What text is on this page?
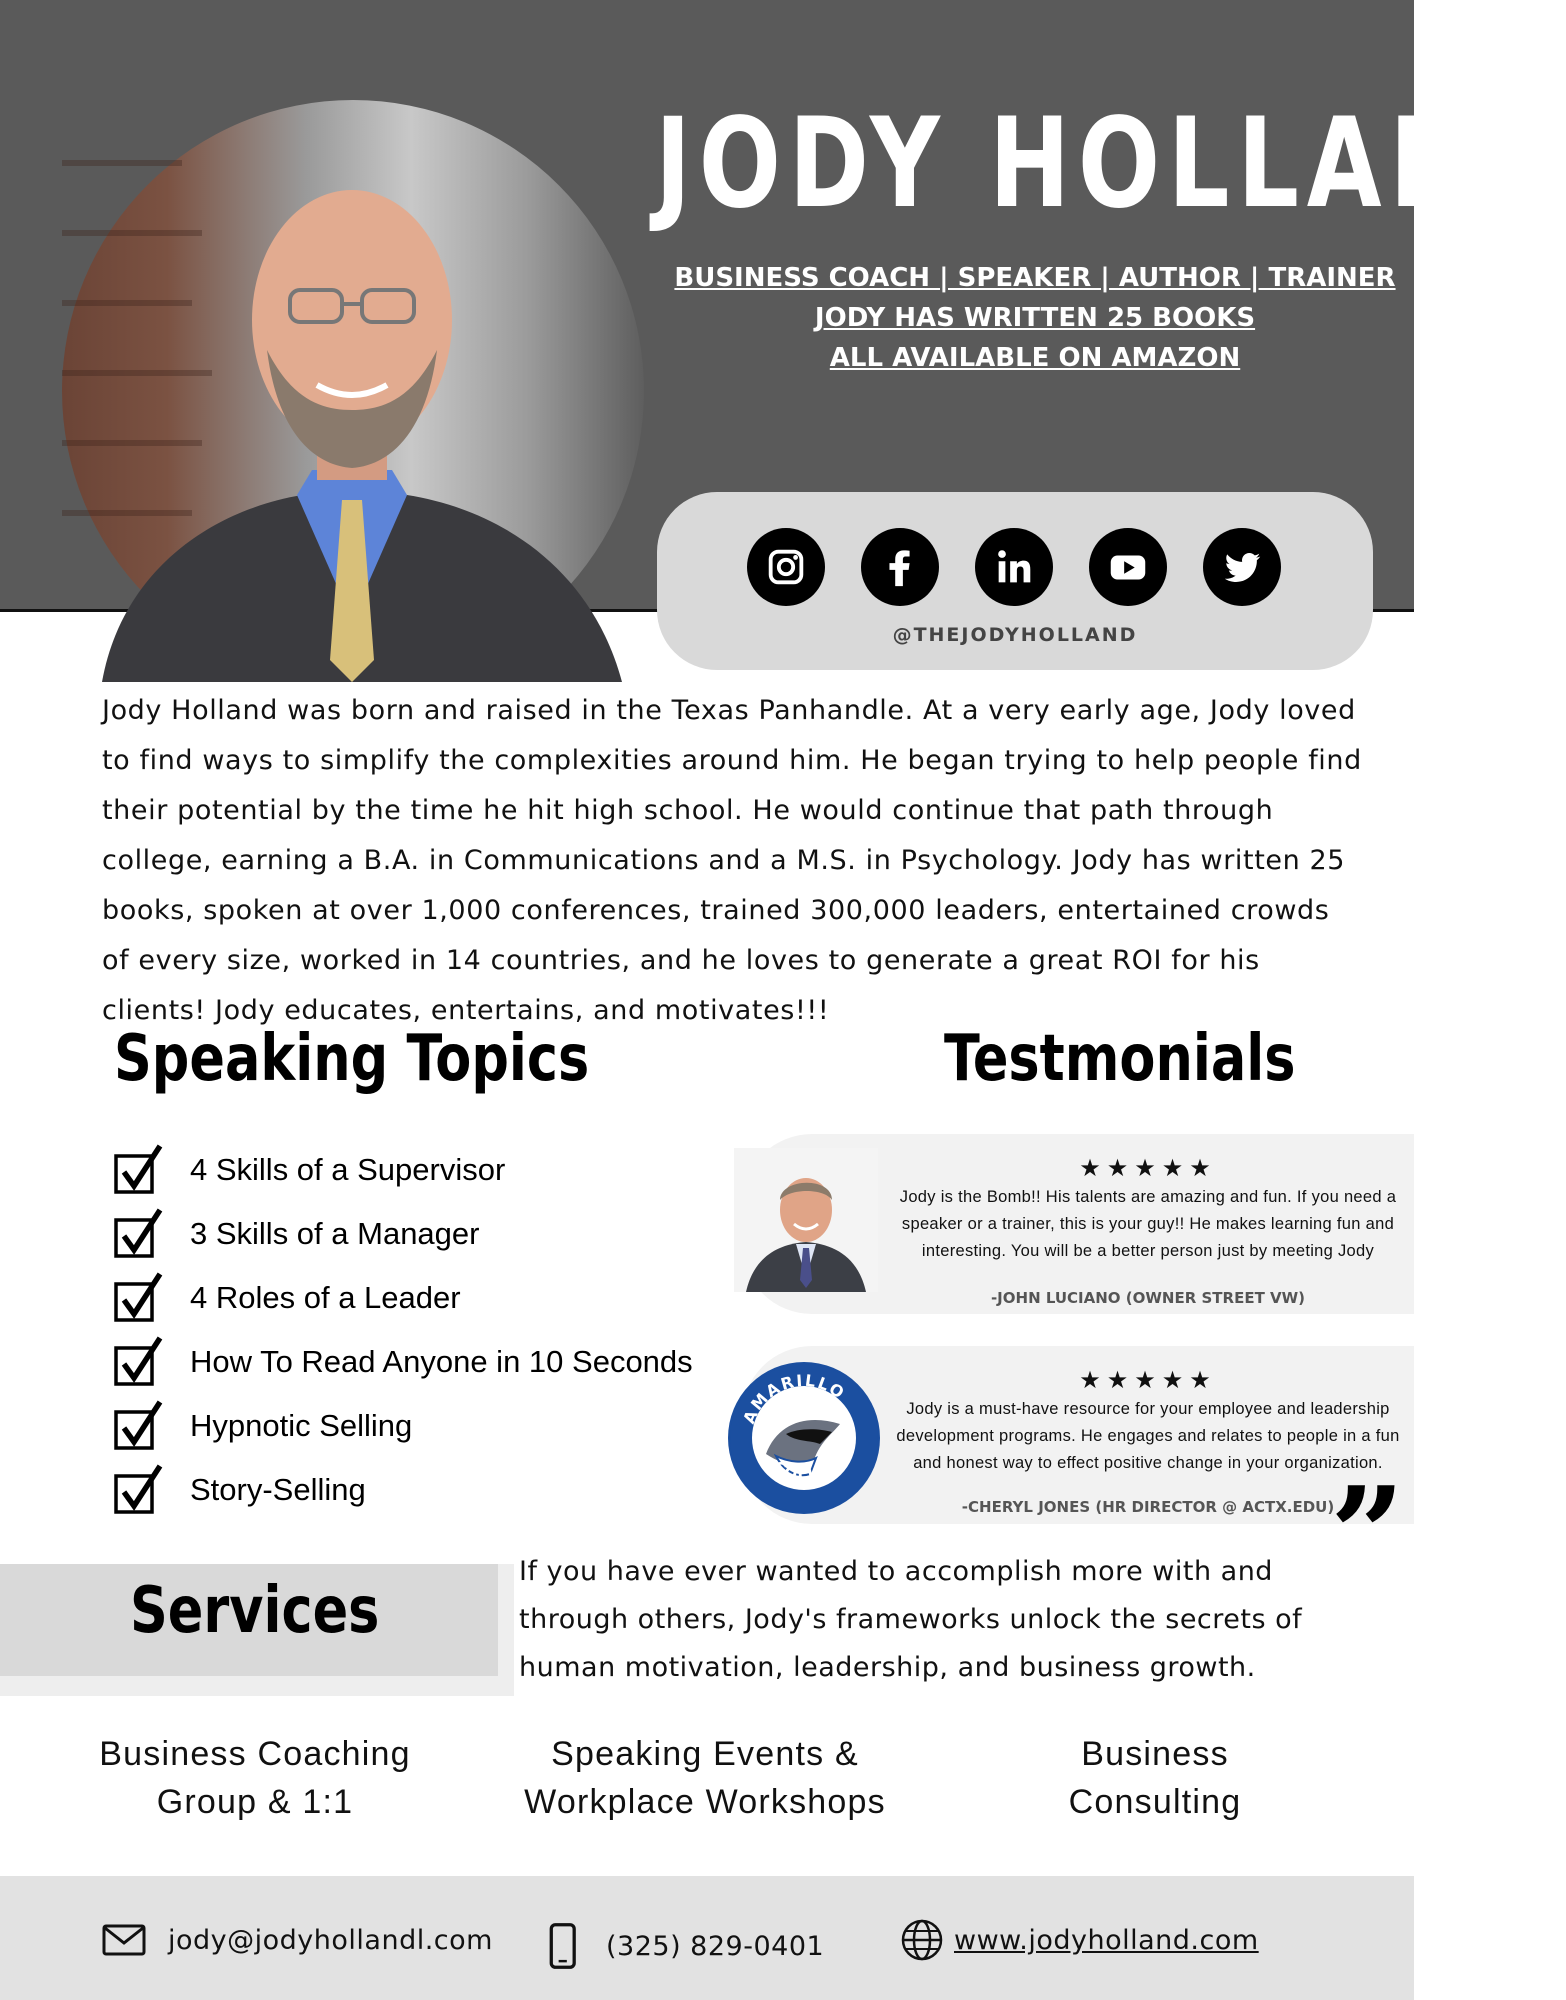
JODY HOLLAND
BUSINESS COACH | SPEAKER | AUTHOR | TRAINER
JODY HAS WRITTEN 25 BOOKS
ALL AVAILABLE ON AMAZON
@THEJODYHOLLAND

Jody Holland was born and raised in the Texas Panhandle. At a very early age, Jody loved to find ways to simplify the complexities around him. He began trying to help people find their potential by the time he hit high school. He would continue that path through college, earning a B.A. in Communications and a M.S. in Psychology. Jody has written 25 books, spoken at over 1,000 conferences, trained 300,000 leaders, entertained crowds of every size, worked in 14 countries, and he loves to generate a great ROI for his clients! Jody educates, entertains, and motivates!!!

Speaking Topics
4 Skills of a Supervisor
3 Skills of a Manager
4 Roles of a Leader
How To Read Anyone in 10 Seconds
Hypnotic Selling
Story-Selling
Testmonials
★★★★★
Jody is the Bomb!! His talents are amazing and fun. If you need a speaker or a trainer, this is your guy!! He makes learning fun and interesting. You will be a better person just by meeting Jody
-JOHN LUCIANO (OWNER STREET VW)
AMARILLO
COLLEGE
★★★★★
Jody is a must-have resource for your employee and leadership development programs. He engages and relates to people in a fun and honest way to effect positive change in your organization.
-CHERYL JONES (HR DIRECTOR @ ACTX.EDU)
”
Services

If you have ever wanted to accomplish more with and through others, Jody's frameworks unlock the secrets of human motivation, leadership, and business growth.

Business Coaching
Group & 1:1
Speaking Events &
Workplace Workshops
Business
Consulting
jody@jodyhollandl.com	(325) 829-0401	www.jodyholland.com
